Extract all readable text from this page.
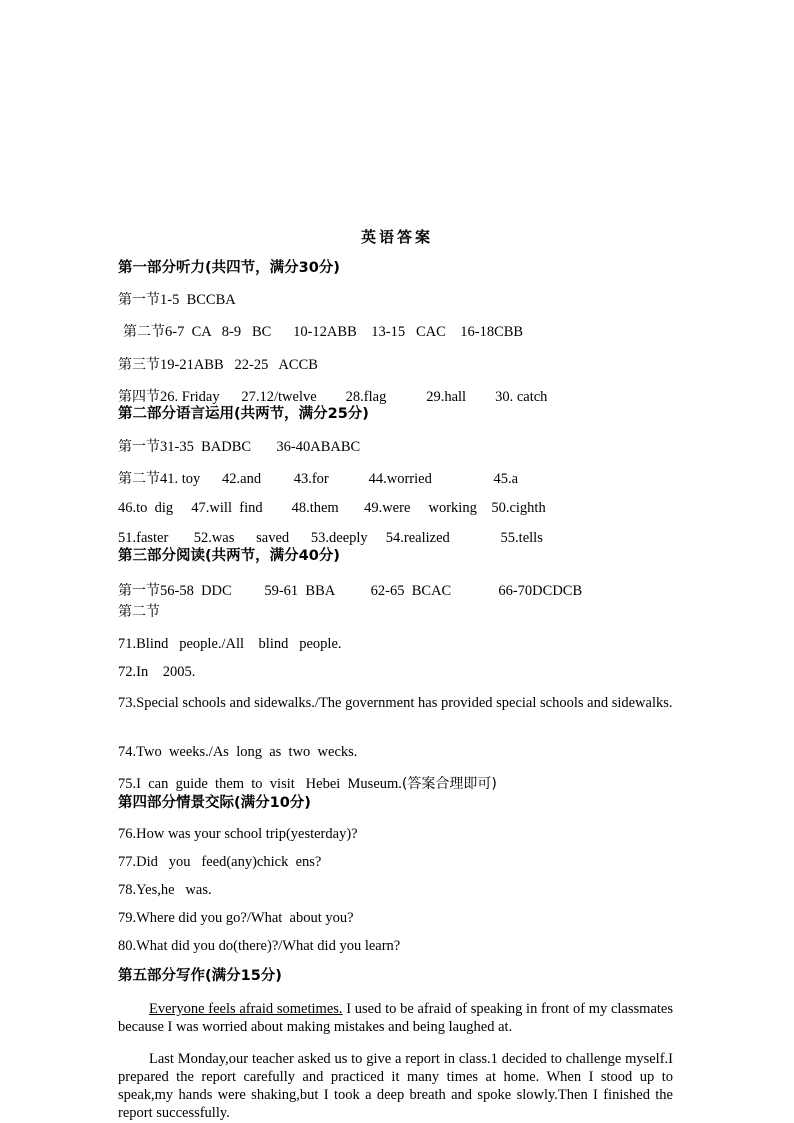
英语答案
第一部分听力(共四节，满分30分)
第一节1-5  BCCBA
第二节6-7  CA   8-9   BC      10-12ABB    13-15   CAC    16-18CBB
第三节19-21ABB   22-25   ACCB
第四节26. Friday      27.12/twelve        28.flag           29.hall        30. catch
第二部分语言运用(共两节，满分25分)
第一节31-35  BADBC       36-40ABABC
第二节41. toy      42.and         43.for           44.worried                 45.a
46.to  dig     47.will  find        48.them       49.were     working    50.cighth
51.faster       52.was      saved      53.deeply     54.realized              55.tells
第三部分阅读(共两节，满分40分)
第一节56-58  DDC         59-61  BBA          62-65  BCAC             66-70DCDCB
第二节
71.Blind   people./All    blind   people.
72.In    2005.
73.Special schools and sidewalks./The government has provided special schools and sidewalks.
74.Two  weeks./As  long  as  two  wecks.
75.I  can  guide  them  to  visit   Hebei  Museum.(答案合理即可)
第四部分情景交际(满分10分)
76.How was your school trip(yesterday)?
77.Did   you   feed(any)chick  ens?
78.Yes,he   was.
79.Where did you go?/What  about you?
80.What did you do(there)?/What did you learn?
第五部分写作(满分15分)
Everyone feels afraid sometimes. I used to be afraid of speaking in front of my classmates because I was worried about making mistakes and being laughed at.
Last Monday,our teacher asked us to give a report in class.1 decided to challenge myself.I prepared the report carefully and practiced it many times at home. When I stood up to speak,my hands were shaking,but I took a deep breath and spoke slowly.Then I finished the report successfully.
